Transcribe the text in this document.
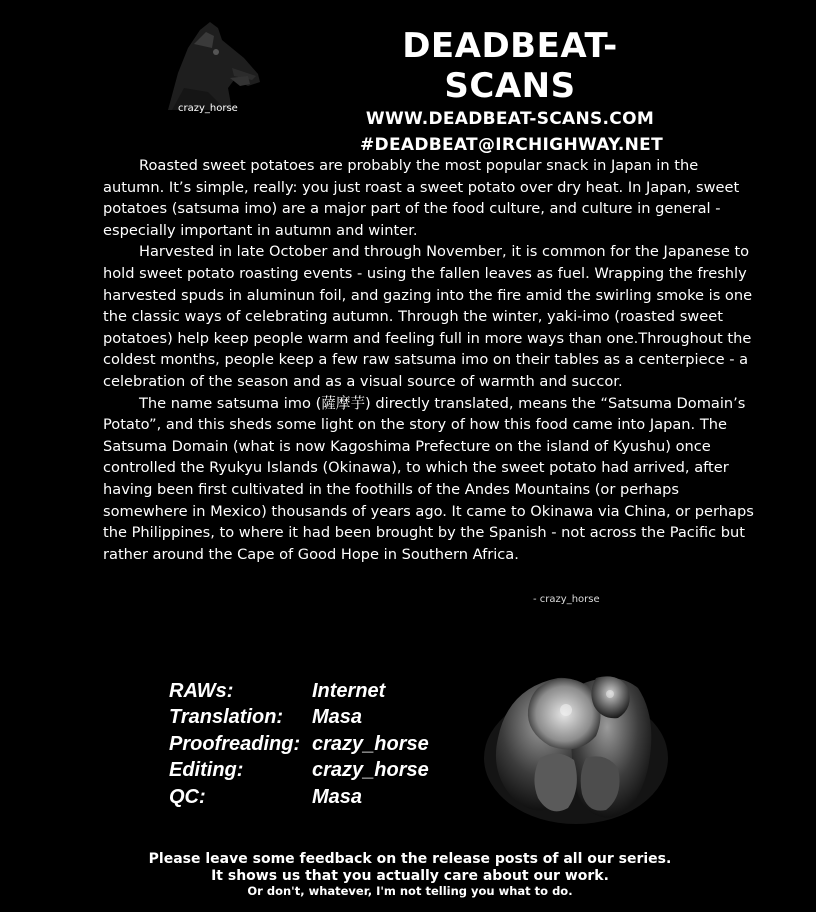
crazy_horse
DEADBEAT-SCANS
WWW.DEADBEAT-SCANS.COM
#DEADBEAT@IRCHIGHWAY.NET

Roasted sweet potatoes are probably the most popular snack in Japan in the autumn. It’s simple, really: you just roast a sweet potato over dry heat. In Japan, sweet potatoes (satsuma imo) are a major part of the food culture, and culture in general - especially important in autumn and winter.

Harvested in late October and through November, it is common for the Japanese to hold sweet potato roasting events - using the fallen leaves as fuel. Wrapping the freshly harvested spuds in aluminun foil, and gazing into the fire amid the swirling smoke is one the classic ways of celebrating autumn. Through the winter, yaki-imo (roasted sweet potatoes) help keep people warm and feeling full in more ways than one.Throughout the coldest months, people keep a few raw satsuma imo on their tables as a centerpiece - a celebration of the season and as a visual source of warmth and succor.

The name satsuma imo (薩摩芋) directly translated, means the “Satsuma Domain’s Potato”, and this sheds some light on the story of how this food came into Japan. The Satsuma Domain (what is now Kagoshima Prefecture on the island of Kyushu) once controlled the Ryukyu Islands (Okinawa), to which the sweet potato had arrived, after having been first cultivated in the foothills of the Andes Mountains (or perhaps somewhere in Mexico) thousands of years ago. It came to Okinawa via China, or perhaps the Philippines, to where it had been brought by the Spanish - not across the Pacific but rather around the Cape of Good Hope in Southern Africa.

- crazy_horse
RAWs:	Internet
Translation:	Masa
Proofreading: crazy_horse
Editing:	crazy_horse
QC:	Masa
Please leave some feedback on the release posts of all our series.
It shows us that you actually care about our work.
Or don't, whatever, I'm not telling you what to do.
